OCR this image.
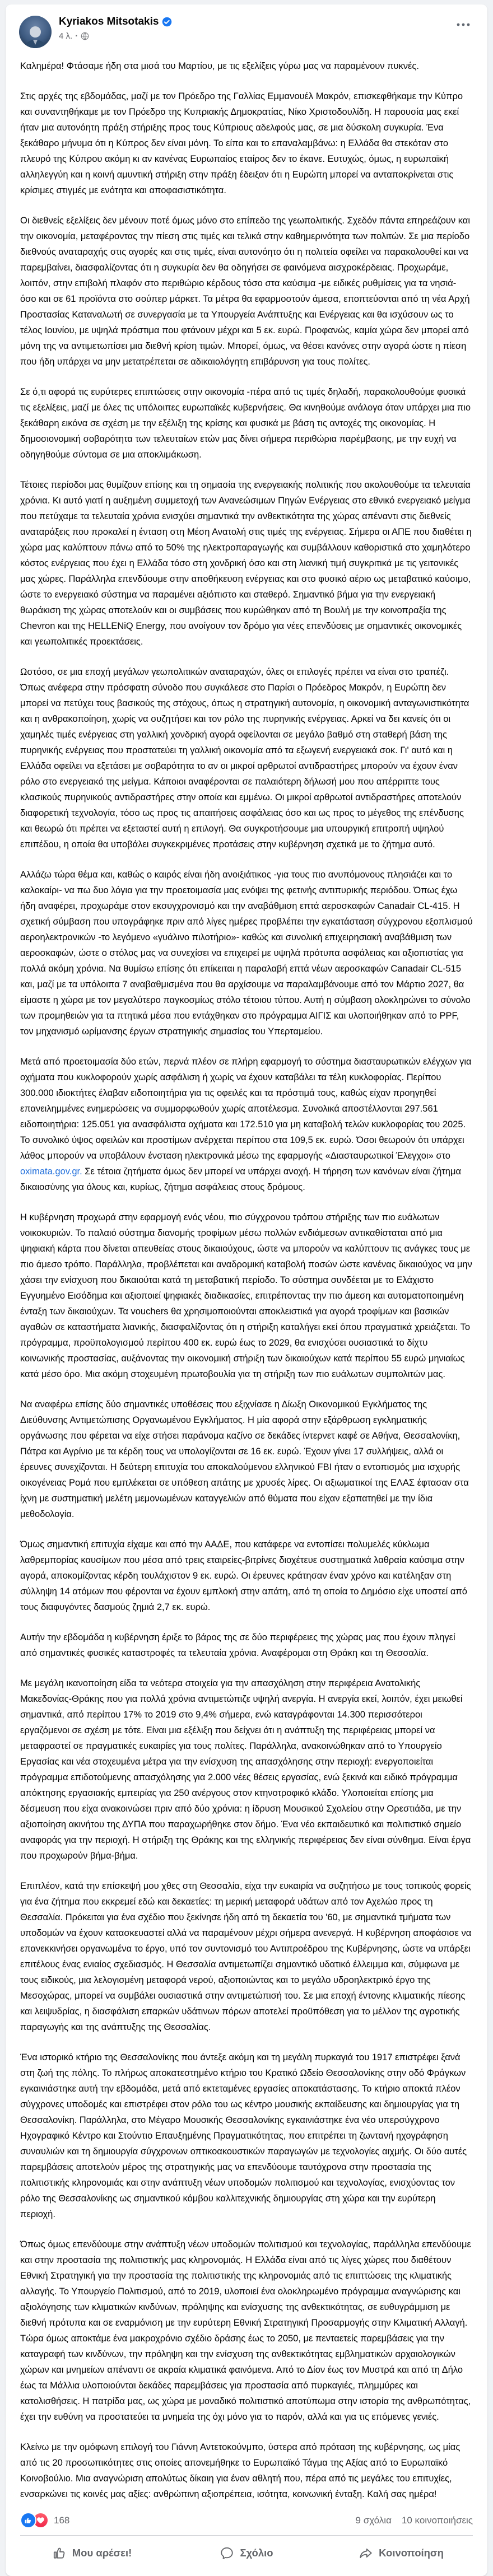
Kyriakos Mitsotakis
4 λ. ·

Καλημέρα! Φτάσαμε ήδη στα μισά του Μαρτίου, με τις εξελίξεις γύρω μας να παραμένουν πυκνές.

Στις αρχές της εβδομάδας, μαζί με τον Πρόεδρο της Γαλλίας Εμμανουέλ Μακρόν, επισκεφθήκαμε την Κύπρο και συναντηθήκαμε με τον Πρόεδρο της Κυπριακής Δημοκρατίας, Νίκο Χριστοδουλίδη. Η παρουσία μας εκεί ήταν μια αυτονόητη πράξη στήριξης προς τους Κύπριους αδελφούς μας, σε μια δύσκολη συγκυρία. Ένα ξεκάθαρο μήνυμα ότι η Κύπρος δεν είναι μόνη. Το είπα και το επαναλαμβάνω: η Ελλάδα θα στεκόταν στο πλευρό της Κύπρου ακόμη κι αν κανένας Ευρωπαίος εταίρος δεν το έκανε. Ευτυχώς, όμως, η ευρωπαϊκή αλληλεγγύη και η κοινή αμυντική στήριξη στην πράξη έδειξαν ότι η Ευρώπη μπορεί να ανταποκρίνεται στις κρίσιμες στιγμές με ενότητα και αποφασιστικότητα.

Οι διεθνείς εξελίξεις δεν μένουν ποτέ όμως μόνο στο επίπεδο της γεωπολιτικής. Σχεδόν πάντα επηρεάζουν και την οικονομία, μεταφέροντας την πίεση στις τιμές και τελικά στην καθημερινότητα των πολιτών. Σε μια περίοδο διεθνούς αναταραχής στις αγορές και στις τιμές, είναι αυτονόητο ότι η πολιτεία οφείλει να παρακολουθεί και να παρεμβαίνει, διασφαλίζοντας ότι η συγκυρία δεν θα οδηγήσει σε φαινόμενα αισχροκέρδειας. Προχωράμε, λοιπόν, στην επιβολή πλαφόν στο περιθώριο κέρδους τόσο στα καύσιμα -με ειδικές ρυθμίσεις για τα νησιά- όσο και σε 61 προϊόντα στο σούπερ μάρκετ. Τα μέτρα θα εφαρμοστούν άμεσα, εποπτεύονται από τη νέα Αρχή Προστασίας Καταναλωτή σε συνεργασία με τα Υπουργεία Ανάπτυξης και Ενέργειας και θα ισχύσουν ως το τέλος Ιουνίου, με υψηλά πρόστιμα που φτάνουν μέχρι και 5 εκ. ευρώ. Προφανώς, καμία χώρα δεν μπορεί από μόνη της να αντιμετωπίσει μια διεθνή κρίση τιμών. Μπορεί, όμως, να θέσει κανόνες στην αγορά ώστε η πίεση που ήδη υπάρχει να μην μετατρέπεται σε αδικαιολόγητη επιβάρυνση για τους πολίτες.

Σε ό,τι αφορά τις ευρύτερες επιπτώσεις στην οικονομία -πέρα από τις τιμές δηλαδή, παρακολουθούμε φυσικά τις εξελίξεις, μαζί με όλες τις υπόλοιπες ευρωπαϊκές κυβερνήσεις. Θα κινηθούμε ανάλογα όταν υπάρχει μια πιο ξεκάθαρη εικόνα σε σχέση με την εξέλιξη της κρίσης και φυσικά με βάση τις αντοχές της οικονομίας. Η δημοσιονομική σοβαρότητα των τελευταίων ετών μας δίνει σήμερα περιθώρια παρέμβασης, με την ευχή να οδηγηθούμε σύντομα σε μια αποκλιμάκωση.

Τέτοιες περίοδοι μας θυμίζουν επίσης και τη σημασία της ενεργειακής πολιτικής που ακολουθούμε τα τελευταία χρόνια. Κι αυτό γιατί η αυξημένη συμμετοχή των Ανανεώσιμων Πηγών Ενέργειας στο εθνικό ενεργειακό μείγμα που πετύχαμε τα τελευταία χρόνια ενισχύει σημαντικά την ανθεκτικότητα της χώρας απέναντι στις διεθνείς αναταράξεις που προκαλεί η ένταση στη Μέση Ανατολή στις τιμές της ενέργειας. Σήμερα οι ΑΠΕ που διαθέτει η χώρα μας καλύπτουν πάνω από το 50% της ηλεκτροπαραγωγής και συμβάλλουν καθοριστικά στο χαμηλότερο κόστος ενέργειας που έχει η Ελλάδα τόσο στη χονδρική όσο και στη λιανική τιμή συγκριτικά με τις γειτονικές μας χώρες. Παράλληλα επενδύουμε στην αποθήκευση ενέργειας και στο φυσικό αέριο ως μεταβατικό καύσιμο, ώστε το ενεργειακό σύστημα να παραμένει αξιόπιστο και σταθερό. Σημαντικό βήμα για την ενεργειακή θωράκιση της χώρας αποτελούν και οι συμβάσεις που κυρώθηκαν από τη Βουλή με την κοινοπραξία της Chevron και της HELLENiQ Energy, που ανοίγουν τον δρόμο για νέες επενδύσεις με σημαντικές οικονομικές και γεωπολιτικές προεκτάσεις.

Ωστόσο, σε μια εποχή μεγάλων γεωπολιτικών αναταραχών, όλες οι επιλογές πρέπει να είναι στο τραπέζι. Όπως ανέφερα στην πρόσφατη σύνοδο που συγκάλεσε στο Παρίσι ο Πρόεδρος Μακρόν, η Ευρώπη δεν μπορεί να πετύχει τους βασικούς της στόχους, όπως η στρατηγική αυτονομία, η οικονομική ανταγωνιστικότητα και η ανθρακοποίηση, χωρίς να συζητήσει και τον ρόλο της πυρηνικής ενέργειας. Αρκεί να δει κανείς ότι οι χαμηλές τιμές ενέργειας στη γαλλική χονδρική αγορά οφείλονται σε μεγάλο βαθμό στη σταθερή βάση της πυρηνικής ενέργειας που προστατεύει τη γαλλική οικονομία από τα εξωγενή ενεργειακά σοκ. Γι' αυτό και η Ελλάδα οφείλει να εξετάσει με σοβαρότητα το αν οι μικροί αρθρωτοί αντιδραστήρες μπορούν να έχουν έναν ρόλο στο ενεργειακό της μείγμα. Κάποιοι αναφέρονται σε παλαιότερη δήλωσή μου που απέρριπτε τους κλασικούς πυρηνικούς αντιδραστήρες στην οποία και εμμένω. Οι μικροί αρθρωτοί αντιδραστήρες αποτελούν διαφορετική τεχνολογία, τόσο ως προς τις απαιτήσεις ασφάλειας όσο και ως προς το μέγεθος της επένδυσης και θεωρώ ότι πρέπει να εξεταστεί αυτή η επιλογή. Θα συγκροτήσουμε μια υπουργική επιτροπή υψηλού επιπέδου, η οποία θα υποβάλει συγκεκριμένες προτάσεις στην κυβέρνηση σχετικά με το ζήτημα αυτό.

Αλλάζω τώρα θέμα και, καθώς ο καιρός είναι ήδη ανοιξιάτικος -για τους πιο ανυπόμονους πλησιάζει και το καλοκαίρι- να πω δυο λόγια για την προετοιμασία μας ενόψει της φετινής αντιπυρικής περιόδου. Όπως έχω ήδη αναφέρει, προχωράμε στον εκσυγχρονισμό και την αναβάθμιση επτά αεροσκαφών Canadair CL-415. Η σχετική σύμβαση που υπογράφηκε πριν από λίγες ημέρες προβλέπει την εγκατάσταση σύγχρονου εξοπλισμού αεροηλεκτρονικών -το λεγόμενο «γυάλινο πιλοτήριο»- καθώς και συνολική επιχειρησιακή αναβάθμιση των αεροσκαφών, ώστε ο στόλος μας να συνεχίσει να επιχειρεί με υψηλά πρότυπα ασφάλειας και αξιοπιστίας για πολλά ακόμη χρόνια. Να θυμίσω επίσης ότι επίκειται η παραλαβή επτά νέων αεροσκαφών Canadair CL-515 και, μαζί με τα υπόλοιπα 7 αναβαθμισμένα που θα αρχίσουμε να παραλαμβάνουμε από τον Μάρτιο 2027, θα είμαστε η χώρα με τον μεγαλύτερο παγκοσμίως στόλο τέτοιου τύπου. Αυτή η σύμβαση ολοκληρώνει το σύνολο των προμηθειών για τα πτητικά μέσα που εντάχθηκαν στο πρόγραμμα ΑΙΓΙΣ και υλοποιήθηκαν από το PPF, τον μηχανισμό ωρίμανσης έργων στρατηγικής σημασίας του Υπερταμείου.

Μετά από προετοιμασία δύο ετών, περνά πλέον σε πλήρη εφαρμογή το σύστημα διασταυρωτικών ελέγχων για οχήματα που κυκλοφορούν χωρίς ασφάλιση ή χωρίς να έχουν καταβάλει τα τέλη κυκλοφορίας. Περίπου 300.000 ιδιοκτήτες έλαβαν ειδοποιητήρια για τις οφειλές και τα πρόστιμά τους, καθώς είχαν προηγηθεί επανειλημμένες ενημερώσεις να συμμορφωθούν χωρίς αποτέλεσμα. Συνολικά αποστέλλονται 297.561 ειδοποιητήρια: 125.051 για ανασφάλιστα οχήματα και 172.510 για μη καταβολή τελών κυκλοφορίας του 2025. Το συνολικό ύψος οφειλών και προστίμων ανέρχεται περίπου στα 109,5 εκ. ευρώ. Όσοι θεωρούν ότι υπάρχει λάθος μπορούν να υποβάλουν ένσταση ηλεκτρονικά μέσω της εφαρμογής «Διασταυρωτικοί Έλεγχοι» στο oximata.gov.gr. Σε τέτοια ζητήματα όμως δεν μπορεί να υπάρχει ανοχή. Η τήρηση των κανόνων είναι ζήτημα δικαιοσύνης για όλους και, κυρίως, ζήτημα ασφάλειας στους δρόμους.

Η κυβέρνηση προχωρά στην εφαρμογή ενός νέου, πιο σύγχρονου τρόπου στήριξης των πιο ευάλωτων νοικοκυριών. Το παλαιό σύστημα διανομής τροφίμων μέσω πολλών ενδιάμεσων αντικαθίσταται από μια ψηφιακή κάρτα που δίνεται απευθείας στους δικαιούχους, ώστε να μπορούν να καλύπτουν τις ανάγκες τους με πιο άμεσο τρόπο. Παράλληλα, προβλέπεται και αναδρομική καταβολή ποσών ώστε κανένας δικαιούχος να μην χάσει την ενίσχυση που δικαιούται κατά τη μεταβατική περίοδο. Το σύστημα συνδέεται με το Ελάχιστο Εγγυημένο Εισόδημα και αξιοποιεί ψηφιακές διαδικασίες, επιτρέποντας την πιο άμεση και αυτοματοποιημένη ένταξη των δικαιούχων. Τα vouchers θα χρησιμοποιούνται αποκλειστικά για αγορά τροφίμων και βασικών αγαθών σε καταστήματα λιανικής, διασφαλίζοντας ότι η στήριξη καταλήγει εκεί όπου πραγματικά χρειάζεται. Το πρόγραμμα, προϋπολογισμού περίπου 400 εκ. ευρώ έως το 2029, θα ενισχύσει ουσιαστικά το δίχτυ κοινωνικής προστασίας, αυξάνοντας την οικονομική στήριξη των δικαιούχων κατά περίπου 55 ευρώ μηνιαίως κατά μέσο όρο. Μια ακόμη στοχευμένη πρωτοβουλία για τη στήριξη των πιο ευάλωτων συμπολιτών μας.

Να αναφέρω επίσης δύο σημαντικές υποθέσεις που εξιχνίασε η Δίωξη Οικονομικού Εγκλήματος της Διεύθυνσης Αντιμετώπισης Οργανωμένου Εγκλήματος. Η μία αφορά στην εξάρθρωση εγκληματικής οργάνωσης που φέρεται να είχε στήσει παράνομα καζίνο σε δεκάδες ίντερνετ καφέ σε Αθήνα, Θεσσαλονίκη, Πάτρα και Αγρίνιο με τα κέρδη τους να υπολογίζονται σε 16 εκ. ευρώ. Έχουν γίνει 17 συλλήψεις, αλλά οι έρευνες συνεχίζονται. Η δεύτερη επιτυχία του αποκαλούμενου ελληνικού FBI ήταν ο εντοπισμός μια ισχυρής οικογένειας Ρομά που εμπλέκεται σε υπόθεση απάτης με χρυσές λίρες. Οι αξιωματικοί της ΕΛΑΣ έφτασαν στα ίχνη με συστηματική μελέτη μεμονωμένων καταγγελιών από θύματα που είχαν εξαπατηθεί με την ίδια μεθοδολογία.

Όμως σημαντική επιτυχία είχαμε και από την ΑΑΔΕ, που κατάφερε να εντοπίσει πολυμελές κύκλωμα λαθρεμπορίας καυσίμων που μέσα από τρεις εταιρείες-βιτρίνες διοχέτευε συστηματικά λαθραία καύσιμα στην αγορά, αποκομίζοντας κέρδη τουλάχιστον 9 εκ. ευρώ. Οι έρευνες κράτησαν έναν χρόνο και κατέληξαν στη σύλληψη 14 ατόμων που φέρονται να έχουν εμπλοκή στην απάτη, από τη οποία το Δημόσιο είχε υποστεί από τους διαφυγόντες δασμούς ζημιά 2,7 εκ. ευρώ.

Αυτήν την εβδομάδα η κυβέρνηση έριξε το βάρος της σε δύο περιφέρειες της χώρας μας που έχουν πληγεί από σημαντικές φυσικές καταστροφές τα τελευταία χρόνια. Αναφέρομαι στη Θράκη και τη Θεσσαλία.

Με μεγάλη ικανοποίηση είδα τα νεότερα στοιχεία για την απασχόληση στην περιφέρεια Ανατολικής Μακεδονίας-Θράκης που για πολλά χρόνια αντιμετώπιζε υψηλή ανεργία. Η ανεργία εκεί, λοιπόν, έχει μειωθεί σημαντικά, από περίπου 17% το 2019 στο 9,4% σήμερα, ενώ καταγράφονται 14.300 περισσότεροι εργαζόμενοι σε σχέση με τότε. Είναι μια εξέλιξη που δείχνει ότι η ανάπτυξη της περιφέρειας μπορεί να μεταφραστεί σε πραγματικές ευκαιρίες για τους πολίτες. Παράλληλα, ανακοινώθηκαν από το Υπουργείο Εργασίας και νέα στοχευμένα μέτρα για την ενίσχυση της απασχόλησης στην περιοχή: ενεργοποιείται πρόγραμμα επιδοτούμενης απασχόλησης για 2.000 νέες θέσεις εργασίας, ενώ ξεκινά και ειδικό πρόγραμμα απόκτησης εργασιακής εμπειρίας για 250 ανέργους στον κτηνοτροφικό κλάδο. Υλοποιείται επίσης μια δέσμευση που είχα ανακοινώσει πριν από δύο χρόνια: η ίδρυση Μουσικού Σχολείου στην Ορεστιάδα, με την αξιοποίηση ακινήτου της ΔΥΠΑ που παραχωρήθηκε στον δήμο. Ένα νέο εκπαιδευτικό και πολιτιστικό σημείο αναφοράς για την περιοχή. Η στήριξη της Θράκης και της ελληνικής περιφέρειας δεν είναι σύνθημα. Είναι έργα που προχωρούν βήμα-βήμα.

Επιπλέον, κατά την επίσκεψή μου χθες στη Θεσσαλία, είχα την ευκαιρία να συζητήσω με τους τοπικούς φορείς για ένα ζήτημα που εκκρεμεί εδώ και δεκαετίες: τη μερική μεταφορά υδάτων από τον Αχελώο προς τη Θεσσαλία. Πρόκειται για ένα σχέδιο που ξεκίνησε ήδη από τη δεκαετία του '60, με σημαντικά τμήματα των υποδομών να έχουν κατασκευαστεί αλλά να παραμένουν μέχρι σήμερα ανενεργά. Η κυβέρνηση αποφάσισε να επανεκκινήσει οργανωμένα το έργο, υπό τον συντονισμό του Αντιπροέδρου της Κυβέρνησης, ώστε να υπάρξει επιτέλους ένας ενιαίος σχεδιασμός. Η Θεσσαλία αντιμετωπίζει σημαντικό υδατικό έλλειμμα και, σύμφωνα με τους ειδικούς, μια λελογισμένη μεταφορά νερού, αξιοποιώντας και το μεγάλο υδροηλεκτρικό έργο της Μεσοχώρας, μπορεί να συμβάλει ουσιαστικά στην αντιμετώπισή του. Σε μια εποχή έντονης κλιματικής πίεσης και λειψυδρίας, η διασφάλιση επαρκών υδάτινων πόρων αποτελεί προϋπόθεση για το μέλλον της αγροτικής παραγωγής και της ανάπτυξης της Θεσσαλίας.

Ένα ιστορικό κτήριο της Θεσσαλονίκης που άντεξε ακόμη και τη μεγάλη πυρκαγιά του 1917 επιστρέφει ξανά στη ζωή της πόλης. Το πλήρως αποκατεστημένο κτήριο του Κρατικό Ωδείο Θεσσαλονίκης στην οδό Φράγκων εγκαινιάστηκε αυτή την εβδομάδα, μετά από εκτεταμένες εργασίες αποκατάστασης. Το κτήριο αποκτά πλέον σύγχρονες υποδομές και επιστρέφει στον ρόλο του ως κέντρο μουσικής εκπαίδευσης και δημιουργίας για τη Θεσσαλονίκη. Παράλληλα, στο Μέγαρο Μουσικής Θεσσαλονίκης εγκαινιάστηκε ένα νέο υπερσύγχρονο Ηχογραφικό Κέντρο και Στούντιο Επαυξημένης Πραγματικότητας, που επιτρέπει τη ζωντανή ηχογράφηση συναυλιών και τη δημιουργία σύγχρονων οπτικοακουστικών παραγωγών με τεχνολογίες αιχμής. Οι δύο αυτές παρεμβάσεις αποτελούν μέρος της στρατηγικής μας να επενδύουμε ταυτόχρονα στην προστασία της πολιτιστικής κληρονομιάς και στην ανάπτυξη νέων υποδομών πολιτισμού και τεχνολογίας, ενισχύοντας τον ρόλο της Θεσσαλονίκης ως σημαντικού κόμβου καλλιτεχνικής δημιουργίας στη χώρα και την ευρύτερη περιοχή.

Όπως όμως επενδύουμε στην ανάπτυξη νέων υποδομών πολιτισμού και τεχνολογίας, παράλληλα επενδύουμε και στην προστασία της πολιτιστικής μας κληρονομιάς. Η Ελλάδα είναι από τις λίγες χώρες που διαθέτουν Εθνική Στρατηγική για την προστασία της πολιτιστικής της κληρονομιάς από τις επιπτώσεις της κλιματικής αλλαγής. Το Υπουργείο Πολιτισμού, από το 2019, υλοποιεί ένα ολοκληρωμένο πρόγραμμα αναγνώρισης και αξιολόγησης των κλιματικών κινδύνων, πρόληψης και ενίσχυσης της ανθεκτικότητας, σε ευθυγράμμιση με διεθνή πρότυπα και σε εναρμόνιση με την ευρύτερη Εθνική Στρατηγική Προσαρμογής στην Κλιματική Αλλαγή. Τώρα όμως αποκτάμε ένα μακροχρόνιο σχέδιο δράσης έως το 2050, με πενταετείς παρεμβάσεις για την καταγραφή των κινδύνων, την πρόληψη και την ενίσχυση της ανθεκτικότητας εμβληματικών αρχαιολογικών χώρων και μνημείων απέναντι σε ακραία κλιματικά φαινόμενα. Από το Δίον έως τον Μυστρά και από τη Δήλο έως τα Μάλλια υλοποιούνται δεκάδες παρεμβάσεις για προστασία από πυρκαγιές, πλημμύρες και κατολισθήσεις. Η πατρίδα μας, ως χώρα με μοναδικό πολιτιστικό αποτύπωμα στην ιστορία της ανθρωπότητας, έχει την ευθύνη να προστατεύει τα μνημεία της όχι μόνο για το παρόν, αλλά και για τις επόμενες γενιές.

Κλείνω με την ομόφωνη επιλογή του Γιάννη Αντετοκούνμπο, ύστερα από πρόταση της κυβέρνησης, ως μίας από τις 20 προσωπικότητες στις οποίες απονεμήθηκε το Ευρωπαϊκό Τάγμα της Αξίας από το Ευρωπαϊκό Κοινοβούλιο. Μια αναγνώριση απολύτως δίκαιη για έναν αθλητή που, πέρα από τις μεγάλες του επιτυχίες, ενσαρκώνει τις κοινές μας αξίες: ανθρώπινη αξιοπρέπεια, ισότητα, κοινωνική ένταξη. Καλή σας ημέρα!

168	9 σχόλια 10 κοινοποιήσεις
Μου αρέσει!	Σχόλιο	Κοινοποίηση
